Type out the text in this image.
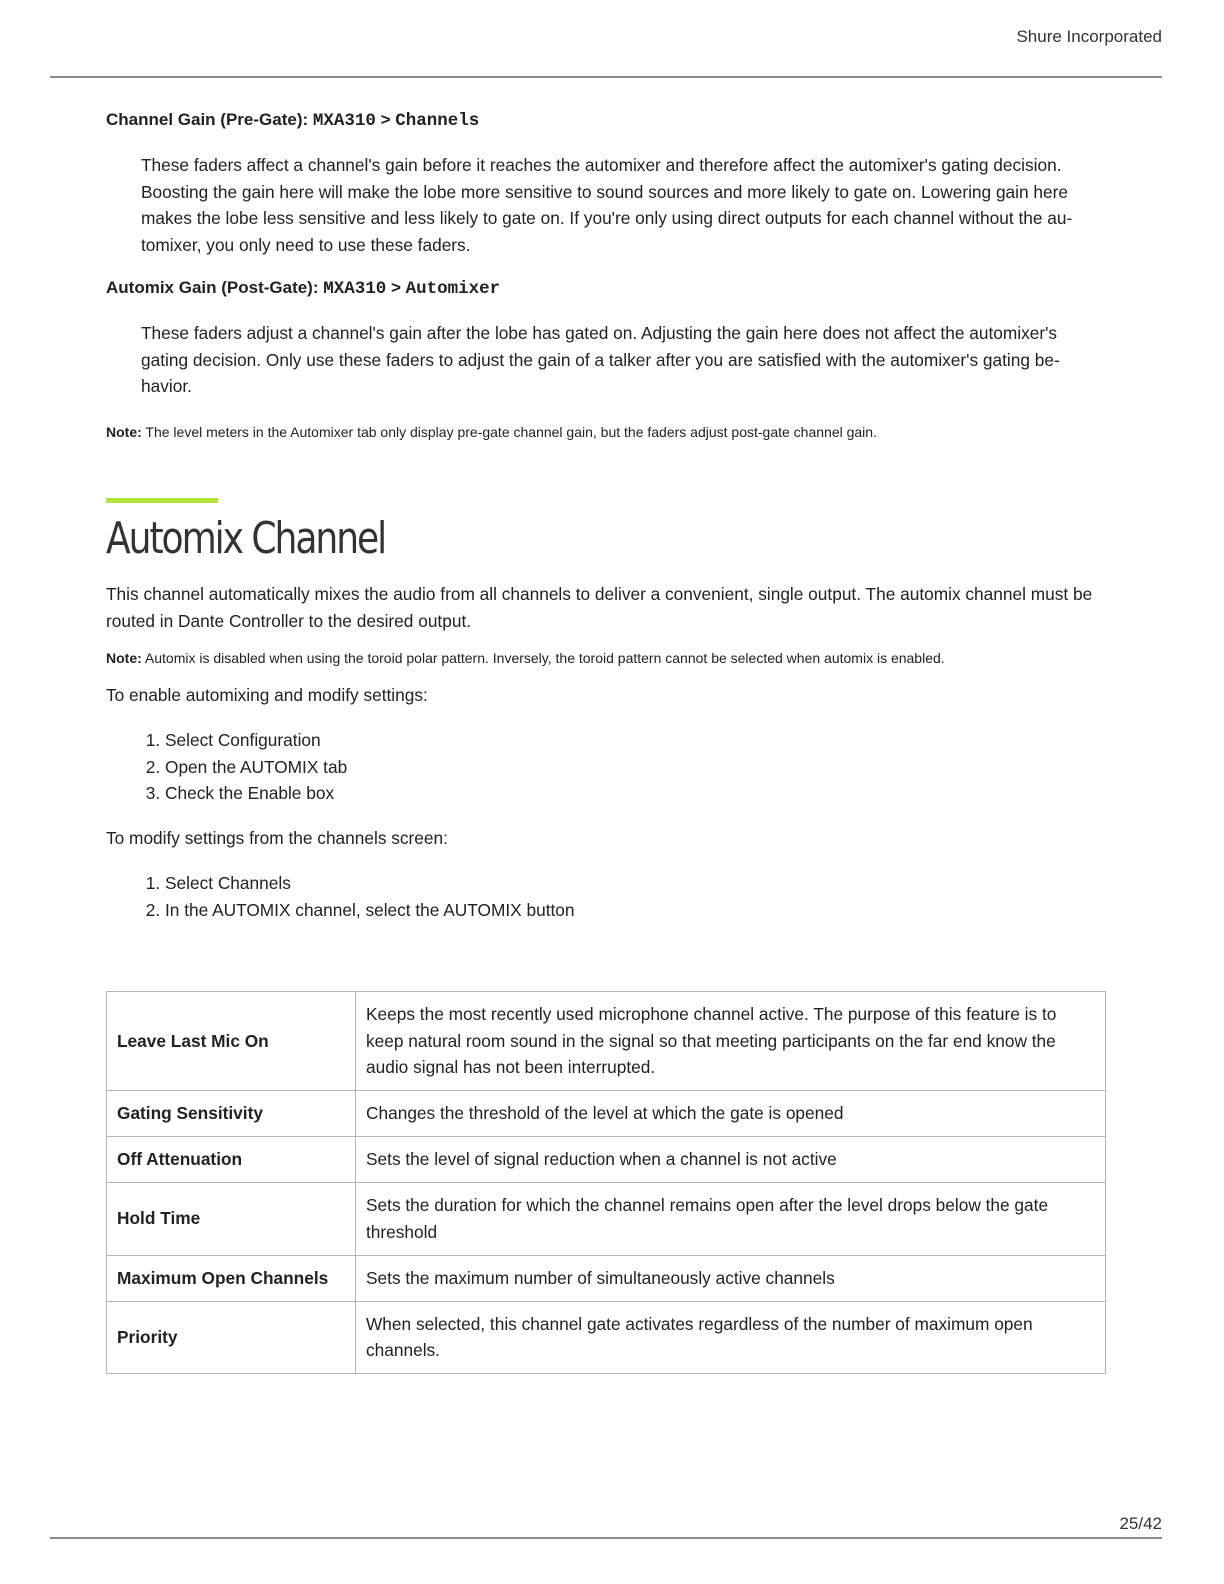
Shure Incorporated

Channel Gain (Pre-Gate): MXA310 > Channels

These faders affect a channel's gain before it reaches the automixer and therefore affect the automixer's gating decision. Boosting the gain here will make the lobe more sensitive to sound sources and more likely to gate on. Lowering gain here makes the lobe less sensitive and less likely to gate on. If you're only using direct outputs for each channel without the au-tomixer, you only need to use these faders.

Automix Gain (Post-Gate): MXA310 > Automixer

These faders adjust a channel's gain after the lobe has gated on. Adjusting the gain here does not affect the automixer's gating decision. Only use these faders to adjust the gain of a talker after you are satisfied with the automixer's gating be-havior.

Note: The level meters in the Automixer tab only display pre-gate channel gain, but the faders adjust post-gate channel gain.

Automix Channel

This channel automatically mixes the audio from all channels to deliver a convenient, single output. The automix channel must be routed in Dante Controller to the desired output.

Note: Automix is disabled when using the toroid polar pattern. Inversely, the toroid pattern cannot be selected when automix is enabled.

To enable automixing and modify settings:

1. Select Configuration
2. Open the AUTOMIX tab
3. Check the Enable box

To modify settings from the channels screen:

1. Select Channels
2. In the AUTOMIX channel, select the AUTOMIX button
Leave Last Mic On	Keeps the most recently used microphone channel active. The purpose of this feature is to keep natural room sound in the signal so that meeting participants on the far end know the audio signal has not been interrupted.
Gating Sensitivity	Changes the threshold of the level at which the gate is opened
Off Attenuation	Sets the level of signal reduction when a channel is not active
Hold Time	Sets the duration for which the channel remains open after the level drops below the gate threshold
Maximum Open Channels	Sets the maximum number of simultaneously active channels
Priority	When selected, this channel gate activates regardless of the number of maximum open channels.
25/42
